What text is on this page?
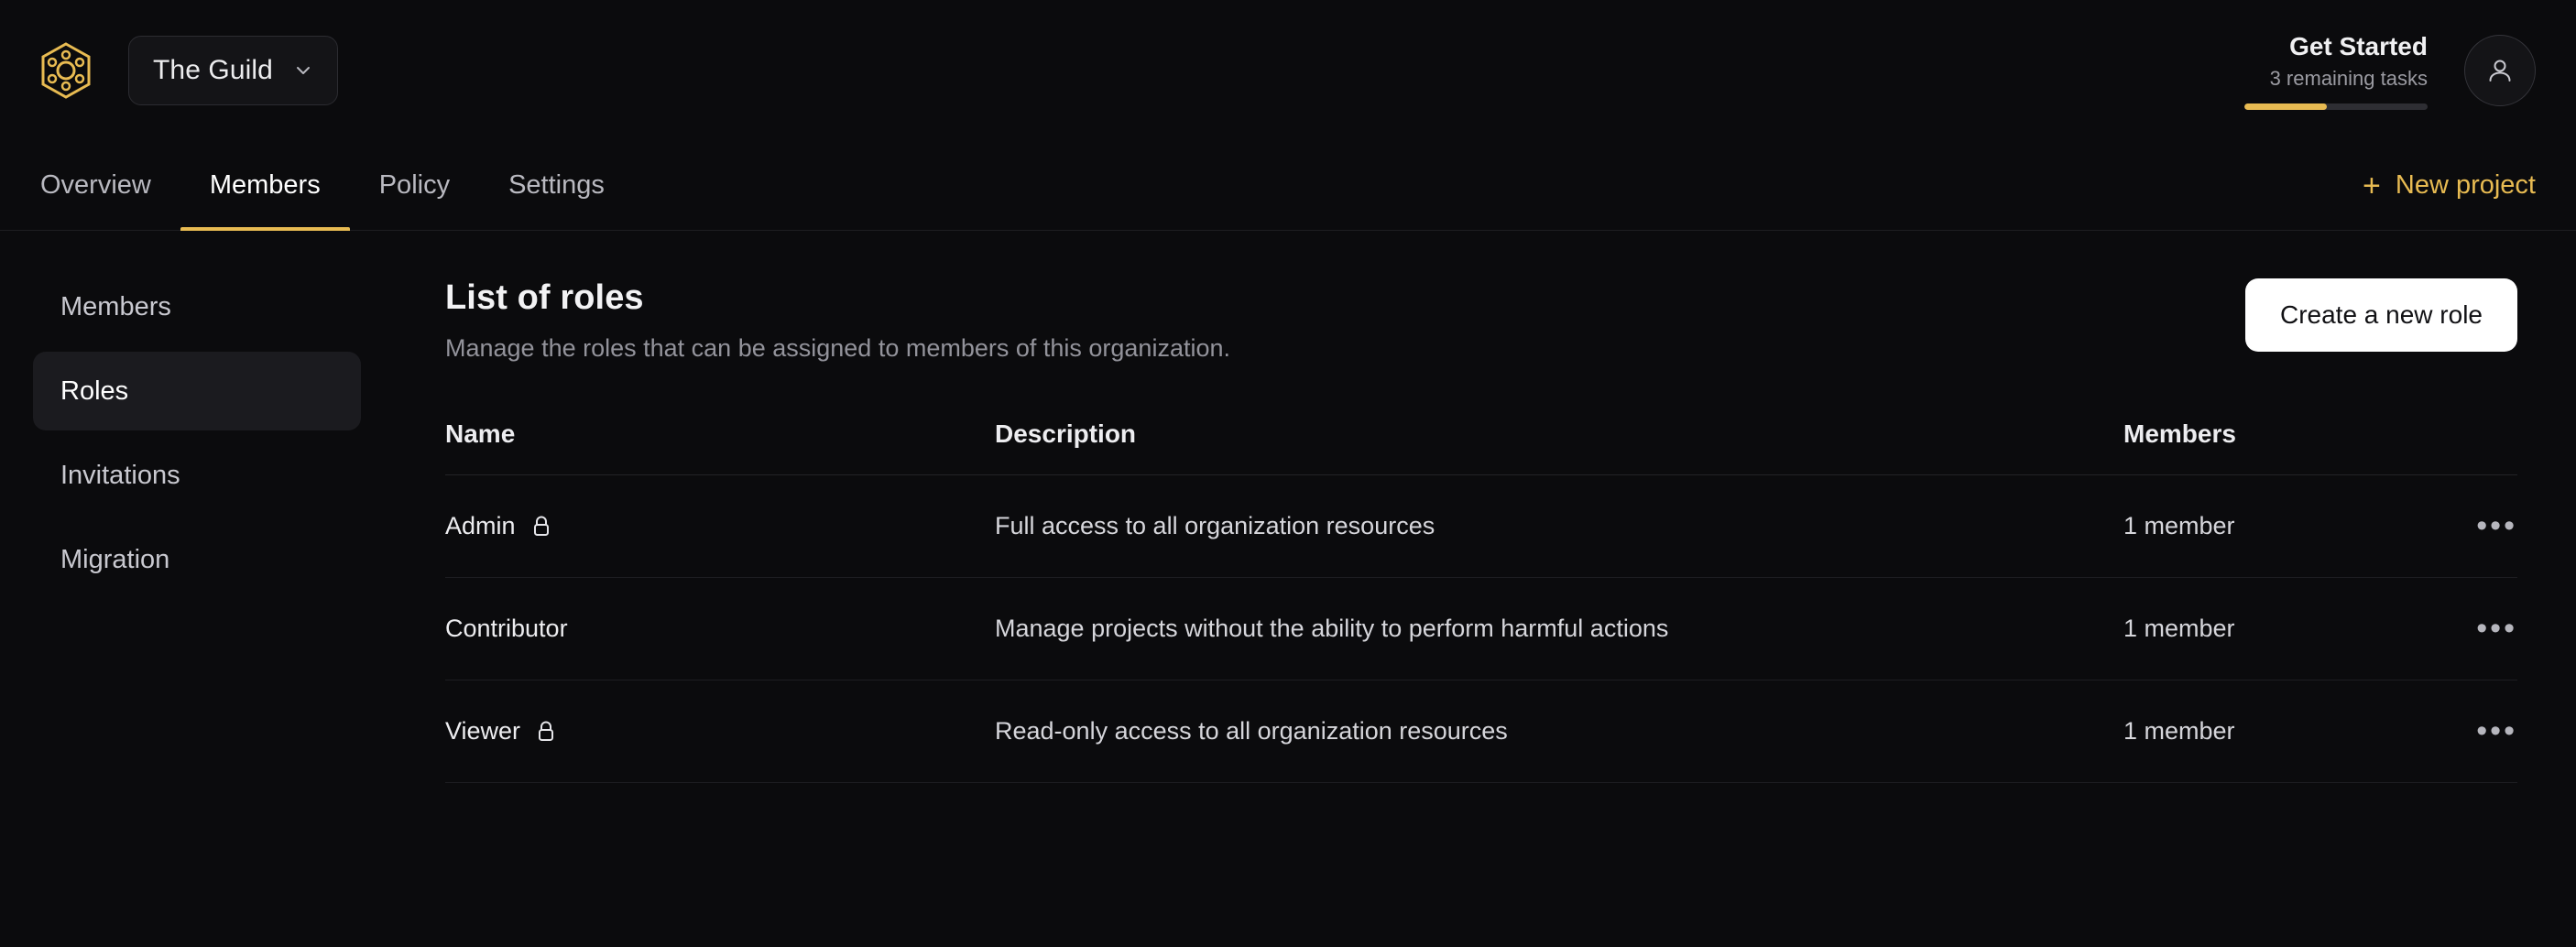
The Guild
Get Started
3 remaining tasks
Overview Members Policy Settings	+ New project
Members
Roles
Invitations
Migration
List of roles
Manage the roles that can be assigned to members of this organization.
Create a new role
Name	Description	Members	

Admin	Full access to all organization resources	1 member	•••

Contributor	Manage projects without the ability to perform harmful actions	1 member	•••

Viewer	Read-only access to all organization resources	1 member	•••
